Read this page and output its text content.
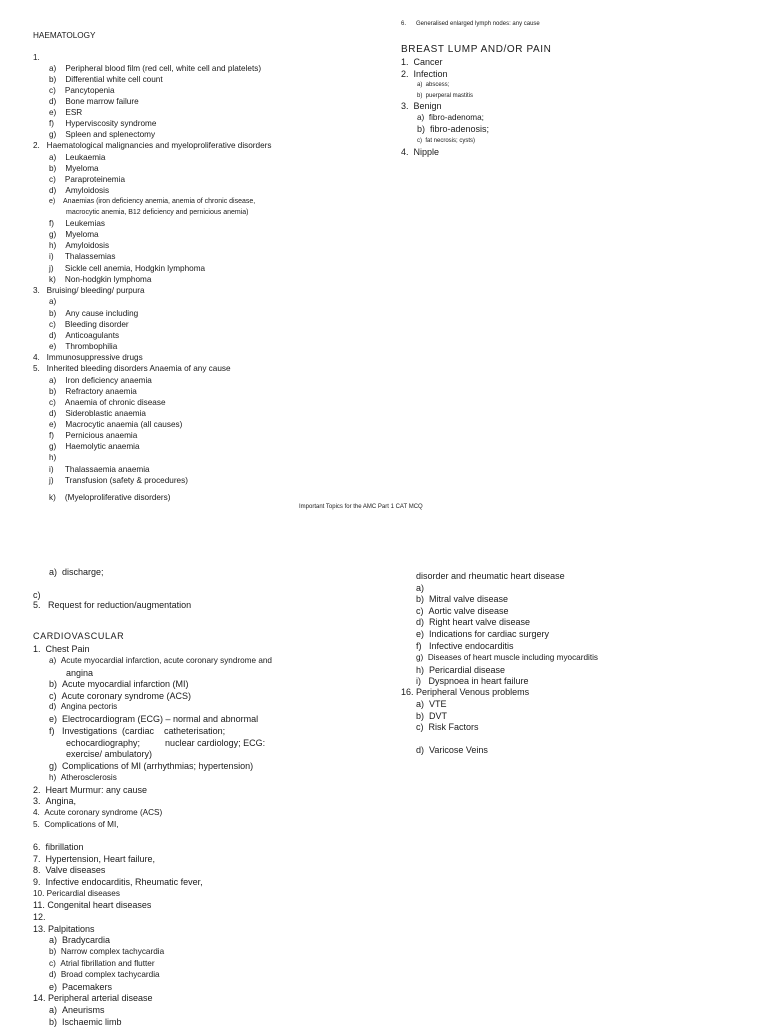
6.      Generalised enlarged lymph nodes: any cause
BREAST LUMP AND/OR PAIN
1.  Cancer
2.  Infection
a)  abscess;
b)  puerperal mastitis
3.  Benign
a)  fibro-adenoma;
b)  fibro-adenosis;
c)  fat necrosis; cysts)
4.  Nipple
HAEMATOLOGY
1.
a)    Peripheral blood film (red cell, white cell and platelets)
b)    Differential white cell count
c)    Pancytopenia
d)    Bone marrow failure
e)    ESR
f)     Hyperviscosity syndrome
g)    Spleen and splenectomy
2.   Haematological malignancies and myeloproliferative disorders
a)    Leukaemia
b)    Myeloma
c)    Paraproteinemia
d)    Amyloidosis
e)    Anaemias (iron deficiency anemia, anemia of chronic disease,
macrocytic anemia, B12 deficiency and pernicious anemia)
f)     Leukemias
g)    Myeloma
h)    Amyloidosis
i)     Thalassemias
j)     Sickle cell anemia, Hodgkin lymphoma
k)    Non-hodgkin lymphoma
3.   Bruising/ bleeding/ purpura
a)
b)    Any cause including
c)    Bleeding disorder
d)    Anticoagulants
e)    Thrombophilia
4.   Immunosuppressive drugs
5.   Inherited bleeding disorders Anaemia of any cause
a)    Iron deficiency anaemia
b)    Refractory anaemia
c)    Anaemia of chronic disease
d)    Sideroblastic anaemia
e)    Macrocytic anaemia (all causes)
f)     Pernicious anaemia
g)    Haemolytic anaemia
h)
i)     Thalassaemia anaemia
j)     Transfusion (safety & procedures)
k)    (Myeloproliferative disorders)
Important Topics for the AMC Part 1 CAT MCQ
a)  discharge;
c)
5.   Request for reduction/augmentation
CARDIOVASCULAR
1.  Chest Pain
a)  Acute myocardial infarction, acute coronary syndrome and
angina
b)  Acute myocardial infarction (MI)
c)  Acute coronary syndrome (ACS)
d)  Angina pectoris
e)  Electrocardiogram (ECG) – normal and abnormal
f)   Investigations  (cardiac    catheterisation;
echocardiography;          nuclear cardiology; ECG:
exercise/ ambulatory)
g)  Complications of MI (arrhythmias; hypertension)
h)  Atherosclerosis
2.  Heart Murmur: any cause
3.  Angina,
4.  Acute coronary syndrome (ACS)
5.  Complications of MI,
6.  fibrillation
7.  Hypertension, Heart failure,
8.  Valve diseases
9.  Infective endocarditis, Rheumatic fever,
10. Pericardial diseases
11. Congenital heart diseases
12.
13. Palpitations
a)  Bradycardia
b)  Narrow complex tachycardia
c)  Atrial fibrillation and flutter
d)  Broad complex tachycardia
e)  Pacemakers
14. Peripheral arterial disease
a)  Aneurisms
b)  Ischaemic limb
disorder and rheumatic heart disease
a)
b)  Mitral valve disease
c)  Aortic valve disease
d)  Right heart valve disease
e)  Indications for cardiac surgery
f)   Infective endocarditis
g)  Diseases of heart muscle including myocarditis
h)  Pericardial disease
i)   Dyspnoea in heart failure
16. Peripheral Venous problems
a)  VTE
b)  DVT
c)  Risk Factors
d)  Varicose Veins
